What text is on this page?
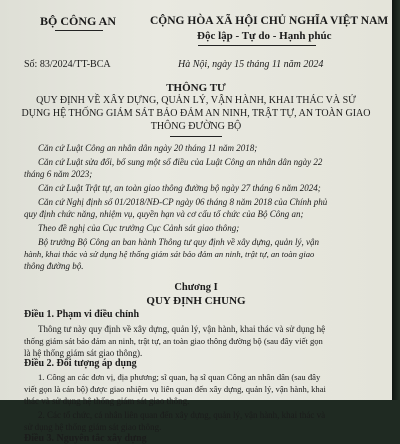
BỘ CÔNG AN	CỘNG HÒA XÃ HỘI CHỦ NGHĨA VIỆT NAM
Độc lập - Tự do - Hạnh phúc
Số: 83/2024/TT-BCA	Hà Nội, ngày 15 tháng 11 năm 2024
THÔNG TƯ
QUY ĐỊNH VỀ XÂY DỰNG, QUẢN LÝ, VẬN HÀNH, KHAI THÁC VÀ SỬ
DỤNG HỆ THỐNG GIÁM SÁT BẢO ĐẢM AN NINH, TRẬT TỰ, AN TOÀN GIAO
THÔNG ĐƯỜNG BỘ
Căn cứ Luật Công an nhân dân ngày 20 tháng 11 năm 2018;
Căn cứ Luật sửa đổi, bổ sung một số điều của Luật Công an nhân dân ngày 22
tháng 6 năm 2023;
Căn cứ Luật Trật tự, an toàn giao thông đường bộ ngày 27 tháng 6 năm 2024;
Căn cứ Nghị định số 01/2018/NĐ-CP ngày 06 tháng 8 năm 2018 của Chính phủ
quy định chức năng, nhiệm vụ, quyền hạn và cơ cấu tổ chức của Bộ Công an;
Theo đề nghị của Cục trưởng Cục Cảnh sát giao thông;
Bộ trưởng Bộ Công an ban hành Thông tư quy định về xây dựng, quản lý, vận
hành, khai thác và sử dụng hệ thống giám sát bảo đảm an ninh, trật tự, an toàn giao
thông đường bộ.
Chương I
QUY ĐỊNH CHUNG
Điều 1. Phạm vi điều chỉnh
Thông tư này quy định về xây dựng, quản lý, vận hành, khai thác và sử dụng hệ
thống giám sát bảo đảm an ninh, trật tự, an toàn giao thông đường bộ (sau đây viết gọn
là hệ thống giám sát giao thông).
Điều 2. Đối tượng áp dụng
1. Công an các đơn vị, địa phương; sĩ quan, hạ sĩ quan Công an nhân dân (sau đây
viết gọn là cán bộ) được giao nhiệm vụ liên quan đến xây dựng, quản lý, vận hành, khai
thác và sử dụng hệ thống giám sát giao thông.
2. Các tổ chức, cá nhân liên quan đến xây dựng, quản lý, vận hành, khai thác và
sử dụng hệ thống giám sát giao thông.
Điều 3. Nguyên tắc xây dựng
